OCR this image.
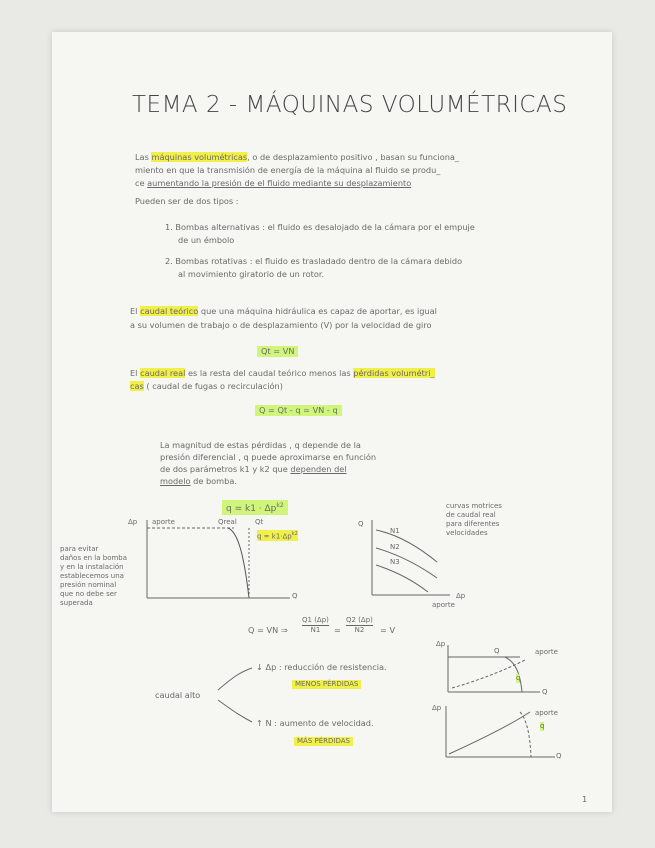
TEMA 2 - MÁQUINAS VOLUMÉTRICAS
Las máquinas volumétricas, o de desplazamiento positivo , basan su funciona_
miento en que la transmisión de energía de la máquina al fluido se produ_
ce aumentando la presión de el fluido mediante su desplazamiento
Pueden ser de dos tipos :
1. Bombas alternativas : el fluido es desalojado de la cámara por el empuje
de un émbolo
2. Bombas rotativas : el fluido es trasladado dentro de la cámara debido
al movimiento giratorio de un rotor.
El caudal teórico que una máquina hidráulica es capaz de aportar, es igual
a su volumen de trabajo o de desplazamiento (V) por la velocidad de giro
Qt = VN
El caudal real es la resta del caudal teórico menos las pérdidas volumétri_
cas ( caudal de fugas o recirculación)
Q = Qt - q = VN - q
La magnitud de estas pérdidas , q depende de la
presión diferencial , q puede aproximarse en función
de dos parámetros k1 y k2 que dependen del
modelo de bomba.
$q = k1 \cdot \Delta p^{k2}$
Δp aporte	Qreal	Qt
$q = k1\cdot\Delta p^{k2}$
Q
para evitar
daños en la bomba
y en la instalación
establecemos una
presión nominal
que no debe ser
superada
Q
N1
N2
N3
Δp
aporte
curvas motrices
de caudal real
para diferentes
velocidades
Q = VN ⇒ $\frac{Q1 (\Delta p)}{N1} = \frac{Q2 (\Delta p)}{N2} = V$
caudal alto
↓ Δp : reducción de resistencia.
MENOS PÉRDIDAS
↑ N : aumento de velocidad.
MÁS PÉRDIDAS
Δp
Q	aporte
q
Q
Δp
aporte
q
Q
1
